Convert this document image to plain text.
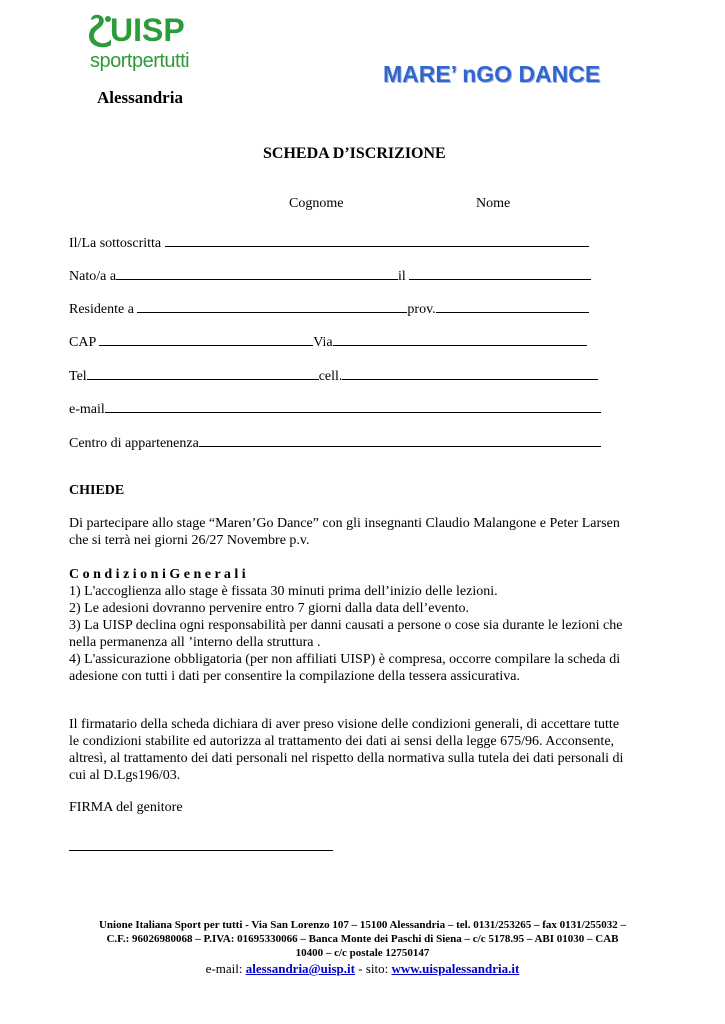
UISP
sportpertutti
Alessandria
MARE’ nGO DANCE
SCHEDA D’ISCRIZIONE
Cognome	Nome
Il/La sottoscritta
Nato/a a	il
Residente a	prov.
CAP	Via
Tel	cell.
e-mail
Centro di appartenenza
CHIEDE
Di partecipare allo stage “Maren’Go Dance” con gli insegnanti Claudio Malangone e Peter Larsen
che si terrà nei giorni 26/27 Novembre p.v.
C o n d i z i o n i G e n e r a l i
1) L'accoglienza allo stage è fissata 30 minuti prima dell’inizio delle lezioni.
2) Le adesioni dovranno pervenire entro 7 giorni dalla data dell’evento.
3) La UISP declina ogni responsabilità per danni causati a persone o cose sia durante le lezioni che
nella permanenza all ’interno della struttura .
4) L'assicurazione obbligatoria (per non affiliati UISP) è compresa, occorre compilare la scheda di
adesione con tutti i dati per consentire la compilazione della tessera assicurativa.
Il firmatario della scheda dichiara di aver preso visione delle condizioni generali, di accettare tutte
le condizioni stabilite ed autorizza al trattamento dei dati ai sensi della legge 675/96. Acconsente,
altresì, al trattamento dei dati personali nel rispetto della normativa sulla tutela dei dati personali di
cui al D.Lgs196/03.
FIRMA del genitore
Unione Italiana Sport per tutti - Via San Lorenzo 107 – 15100 Alessandria – tel. 0131/253265 – fax 0131/255032 –
C.F.: 96026980068 – P.IVA: 01695330066 – Banca Monte dei Paschi di Siena – c/c 5178.95 – ABI 01030 – CAB
10400 – c/c postale 12750147
e-mail: alessandria@uisp.it - sito: www.uispalessandria.it
